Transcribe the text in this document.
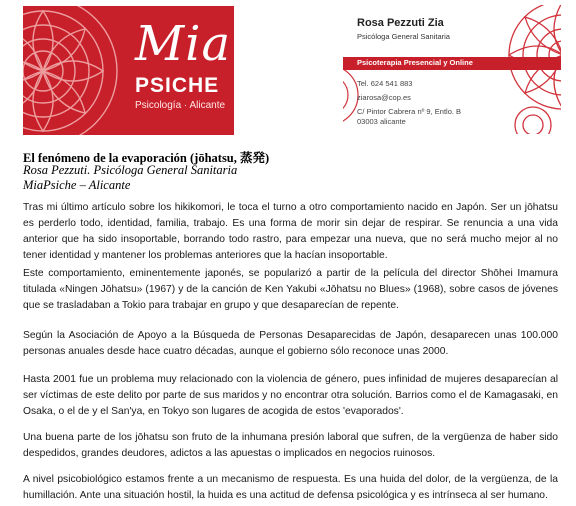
Mia
PSICHE
Psicología · Alicante
Rosa Pezzuti Zia
Psicóloga General Sanitaria
Psicoterapia Presencial y Online
Tel. 624 541 883
ziarosa@cop.es
C/ Pintor Cabrera nº 9, Entlo. B
03003 alicante
El fenómeno de la evaporación (jōhatsu, 蒸発)
Rosa Pezzuti. Psicóloga General Sanitaria
MiaPsiche – Alicante

Tras mi último artículo sobre los hikikomori, le toca el turno a otro comportamiento nacido en Japón. Ser un jōhatsu es perderlo todo, identidad, familia, trabajo. Es una forma de morir sin dejar de respirar. Se renuncia a una vida anterior que ha sido insoportable, borrando todo rastro, para empezar una nueva, que no será mucho mejor al no tener identidad y mantener los problemas anteriores que la hacían insoportable.

Este comportamiento, eminentemente japonés, se popularizó a partir de la película del director Shōhei Imamura titulada «Ningen Jōhatsu» (1967) y de la canción de Ken Yakubi «Jōhatsu no Blues» (1968), sobre casos de jóvenes que se trasladaban a Tokio para trabajar en grupo y que desaparecían de repente.

Según la Asociación de Apoyo a la Búsqueda de Personas Desaparecidas de Japón, desaparecen unas 100.000 personas anuales desde hace cuatro décadas, aunque el gobierno sólo reconoce unas 2000.

Hasta 2001 fue un problema muy relacionado con la violencia de género, pues infinidad de mujeres desaparecían al ser víctimas de este delito por parte de sus maridos y no encontrar otra solución. Barrios como el de Kamagasaki, en Osaka, o el de y el San'ya, en Tokyo son lugares de acogida de estos 'evaporados'.

Una buena parte de los jōhatsu son fruto de la inhumana presión laboral que sufren, de la vergüenza de haber sido despedidos, grandes deudores, adictos a las apuestas o implicados en negocios ruinosos.

A nivel psicobiológico estamos frente a un mecanismo de respuesta. Es una huida del dolor, de la vergüenza, de la humillación. Ante una situación hostil, la huida es una actitud de defensa psicológica y es intrínseca al ser humano.
